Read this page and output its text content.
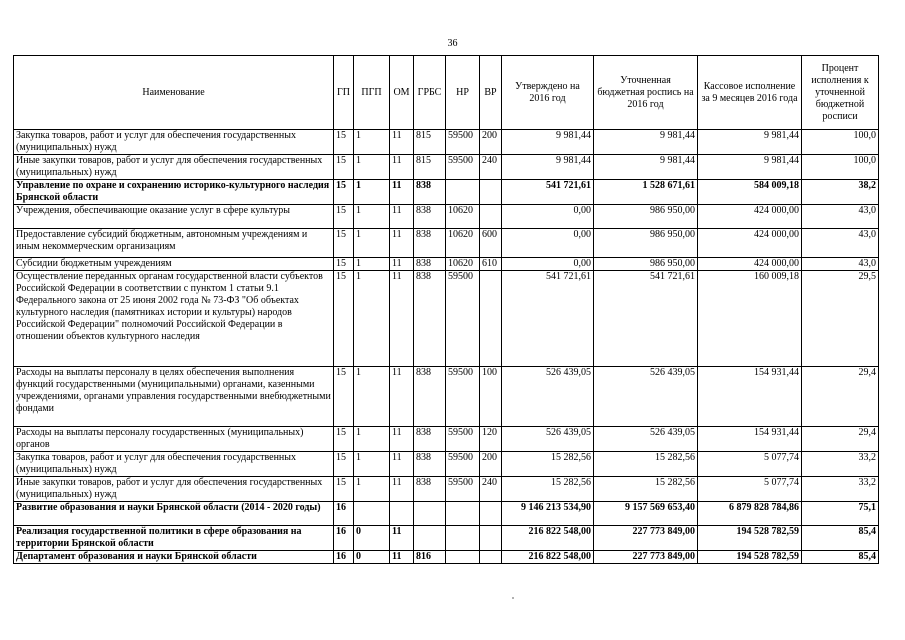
36
Наименование	ГП	ПГП	ОМ	ГРБС	НР	ВР	Утверждено на 2016 год	Уточненная бюджетная роспись на 2016 год	Кассовое исполнение за 9 месяцев 2016 года	Процент исполнения к уточненной бюджетной росписи
Закупка товаров, работ и услуг для обеспечения государственных (муниципальных) нужд	15	1	11	815	59500	200	9 981,44	9 981,44	9 981,44	100,0
Иные закупки товаров, работ и услуг для обеспечения государственных (муниципальных) нужд	15	1	11	815	59500	240	9 981,44	9 981,44	9 981,44	100,0
Управление по охране и сохранению историко-культурного наследия Брянской области	15	1	11	838			541 721,61	1 528 671,61	584 009,18	38,2
Учреждения, обеспечивающие оказание услуг в сфере культуры	15	1	11	838	10620		0,00	986 950,00	424 000,00	43,0
Предоставление субсидий бюджетным, автономным учреждениям и иным некоммерческим организациям	15	1	11	838	10620	600	0,00	986 950,00	424 000,00	43,0
Субсидии бюджетным учреждениям	15	1	11	838	10620	610	0,00	986 950,00	424 000,00	43,0
Осуществление переданных органам государственной власти субъектов Российской Федерации в соответствии с пунктом 1 статьи 9.1 Федерального закона от 25 июня 2002 года № 73-ФЗ "Об объектах культурного наследия (памятниках истории и культуры) народов Российской Федерации" полномочий Российской Федерации в отношении объектов культурного наследия	15	1	11	838	59500		541 721,61	541 721,61	160 009,18	29,5
Расходы на выплаты персоналу в целях обеспечения выполнения функций государственными (муниципальными) органами, казенными учреждениями, органами управления государственными внебюджетными фондами	15	1	11	838	59500	100	526 439,05	526 439,05	154 931,44	29,4
Расходы на выплаты персоналу государственных (муниципальных) органов	15	1	11	838	59500	120	526 439,05	526 439,05	154 931,44	29,4
Закупка товаров, работ и услуг для обеспечения государственных (муниципальных) нужд	15	1	11	838	59500	200	15 282,56	15 282,56	5 077,74	33,2
Иные закупки товаров, работ и услуг для обеспечения государственных (муниципальных) нужд	15	1	11	838	59500	240	15 282,56	15 282,56	5 077,74	33,2
Развитие образования и науки Брянской области (2014 - 2020 годы)	16						9 146 213 534,90	9 157 569 653,40	6 879 828 784,86	75,1
Реализация государственной политики в сфере образования на территории Брянской области	16	0	11				216 822 548,00	227 773 849,00	194 528 782,59	85,4
Департамент образования и науки Брянской области	16	0	11	816			216 822 548,00	227 773 849,00	194 528 782,59	85,4
